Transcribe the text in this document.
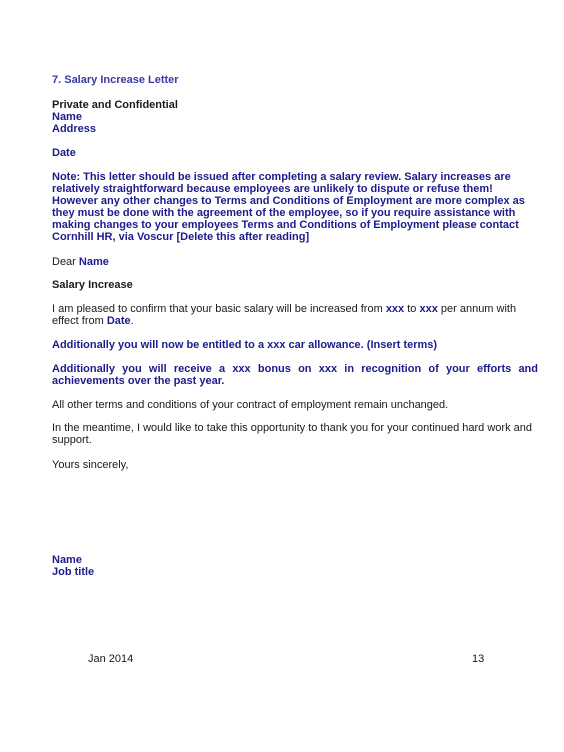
7. Salary Increase Letter
Private and Confidential
Name
Address
Date
Note: This letter should be issued after completing a salary review. Salary increases are relatively straightforward because employees are unlikely to dispute or refuse them! However any other changes to Terms and Conditions of Employment are more complex as they must be done with the agreement of the employee, so if you require assistance with making changes to your employees Terms and Conditions of Employment please contact Cornhill HR, via Voscur [Delete this after reading]
Dear Name
Salary Increase
I am pleased to confirm that your basic salary will be increased from xxx to xxx per annum with effect from Date.
Additionally you will now be entitled to a xxx car allowance. (Insert terms)
Additionally you will receive a xxx bonus on xxx in recognition of your efforts and achievements over the past year.
All other terms and conditions of your contract of employment remain unchanged.
In the meantime, I would like to take this opportunity to thank you for your continued hard work and support.
Yours sincerely,
Name
Job title
Jan 2014	13
